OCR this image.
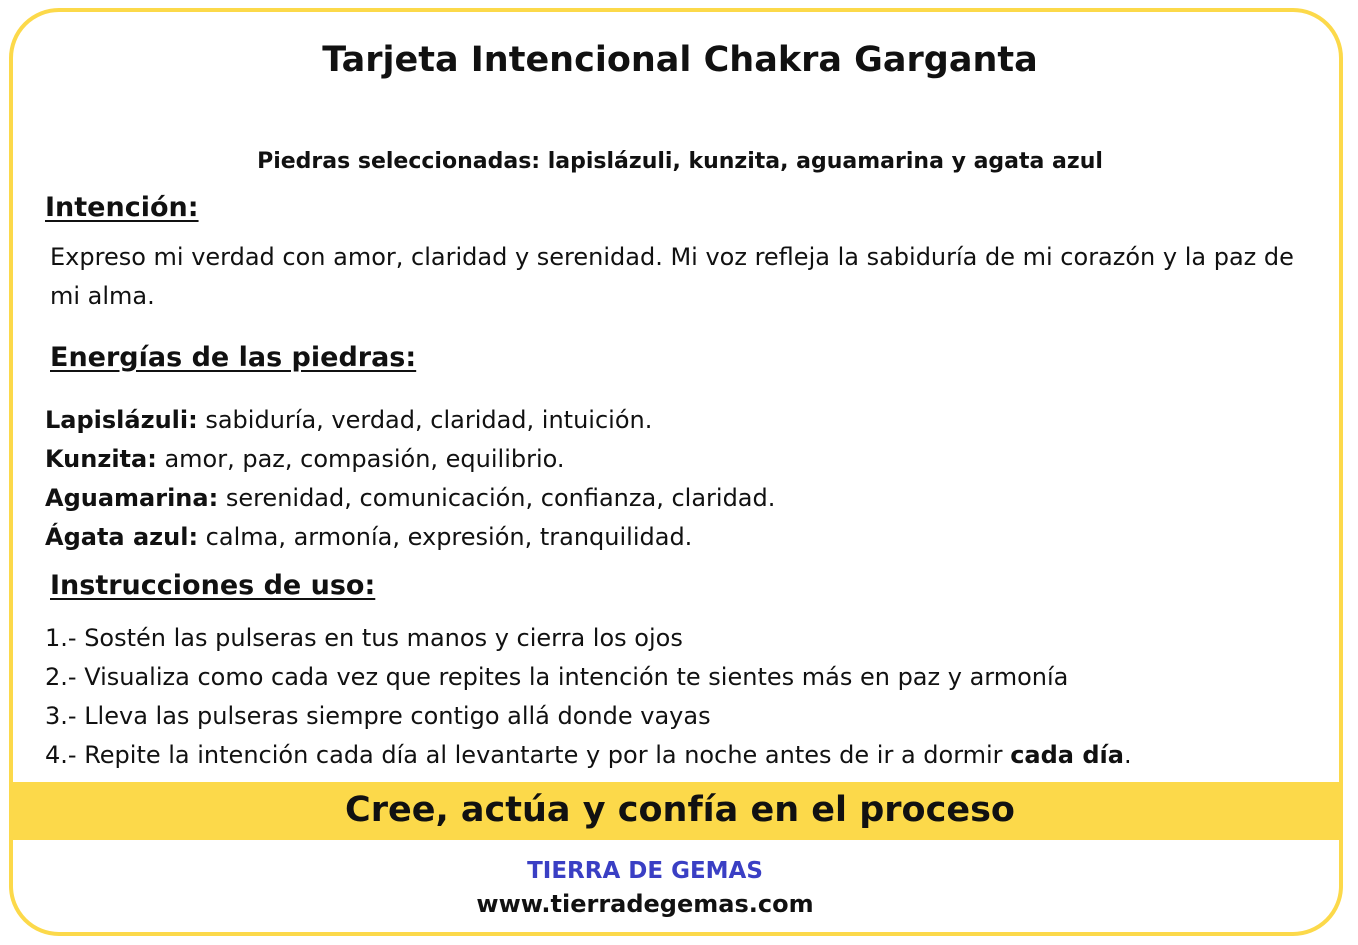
Tarjeta Intencional Chakra Garganta
Piedras seleccionadas: lapislázuli, kunzita, aguamarina y agata azul
Intención:
Expreso mi verdad con amor, claridad y serenidad. Mi voz refleja la sabiduría de mi corazón y la paz de mi alma.
Energías de las piedras:
Lapislázuli: sabiduría, verdad, claridad, intuición.
Kunzita: amor, paz, compasión, equilibrio.
Aguamarina: serenidad, comunicación, confianza, claridad.
Ágata azul: calma, armonía, expresión, tranquilidad.
Instrucciones de uso:
1.- Sostén las pulseras en tus manos y cierra los ojos
2.- Visualiza como cada vez que repites la intención te sientes más en paz y armonía
3.- Lleva las pulseras siempre contigo allá donde vayas
4.- Repite la intención cada día al levantarte y por la noche antes de ir a dormir cada día.
Cree, actúa y confía en el proceso
TIERRA DE GEMAS
www.tierradegemas.com
